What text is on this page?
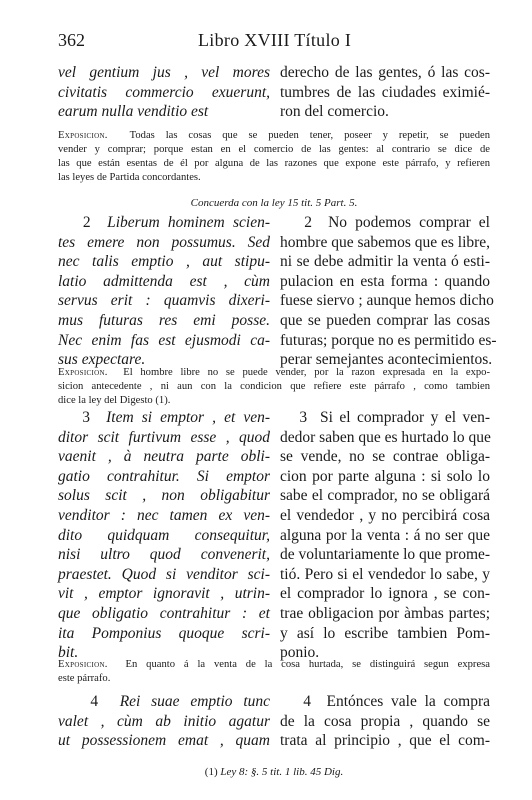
362	Libro XVIII Título I
vel gentium jus , vel mores
civitatis commercio exuerunt,
earum nulla venditio est
derecho de las gentes, ó las cos-
tumbres de las ciudades eximié-
ron del comercio.
Exposicion. Todas las cosas que se pueden tener, poseer y repetir, se pueden
vender y comprar; porque estan en el comercio de las gentes: al contrario se dice de
las que están esentas de él por alguna de las razones que expone este párrafo, y refieren
las leyes de Partida concordantes.
Concuerda con la ley 15 tit. 5 Part. 5.
2 Liberum hominem scien-
tes emere non possumus. Sed
nec talis emptio , aut stipu-
latio admittenda est , cùm
servus erit : quamvis dixeri-
mus futuras res emi posse.
Nec enim fas est ejusmodi ca-
sus expectare.
2 No podemos comprar el
hombre que sabemos que es libre,
ni se debe admitir la venta ó esti-
pulacion en esta forma : quando
fuese siervo ; aunque hemos dicho
que se pueden comprar las cosas
futuras; porque no es permitido es-
perar semejantes acontecimientos.
Exposicion. El hombre libre no se puede vender, por la razon expresada en la expo-
sicion antecedente , ni aun con la condicion que refiere este párrafo , como tambien
dice la ley del Digesto (1).
3 Item si emptor , et ven-
ditor scit furtivum esse , quod
vaenit , à neutra parte obli-
gatio contrahitur. Si emptor
solus scit , non obligabitur
venditor : nec tamen ex ven-
dito quidquam consequitur,
nisi ultro quod convenerit,
praestet. Quod si venditor sci-
vit , emptor ignoravit , utrin-
que obligatio contrahitur : et
ita Pomponius quoque scri-
bit.
3 Si el comprador y el ven-
dedor saben que es hurtado lo que
se vende, no se contrae obliga-
cion por parte alguna : si solo lo
sabe el comprador, no se obligará
el vendedor , y no percibirá cosa
alguna por la venta : á no ser que
de voluntariamente lo que prome-
tió. Pero si el vendedor lo sabe, y
el comprador lo ignora , se con-
trae obligacion por àmbas partes;
y así lo escribe tambien Pom-
ponio.
Exposicion. En quanto á la venta de la cosa hurtada, se distinguirá segun expresa
este párrafo.
4 Rei suae emptio tunc
valet , cùm ab initio agatur
ut possessionem emat , quam
4 Entónces vale la compra
de la cosa propia , quando se
trata al principio , que el com-
(1) Ley 8: §. 5 tit. 1 lib. 45 Dig.
